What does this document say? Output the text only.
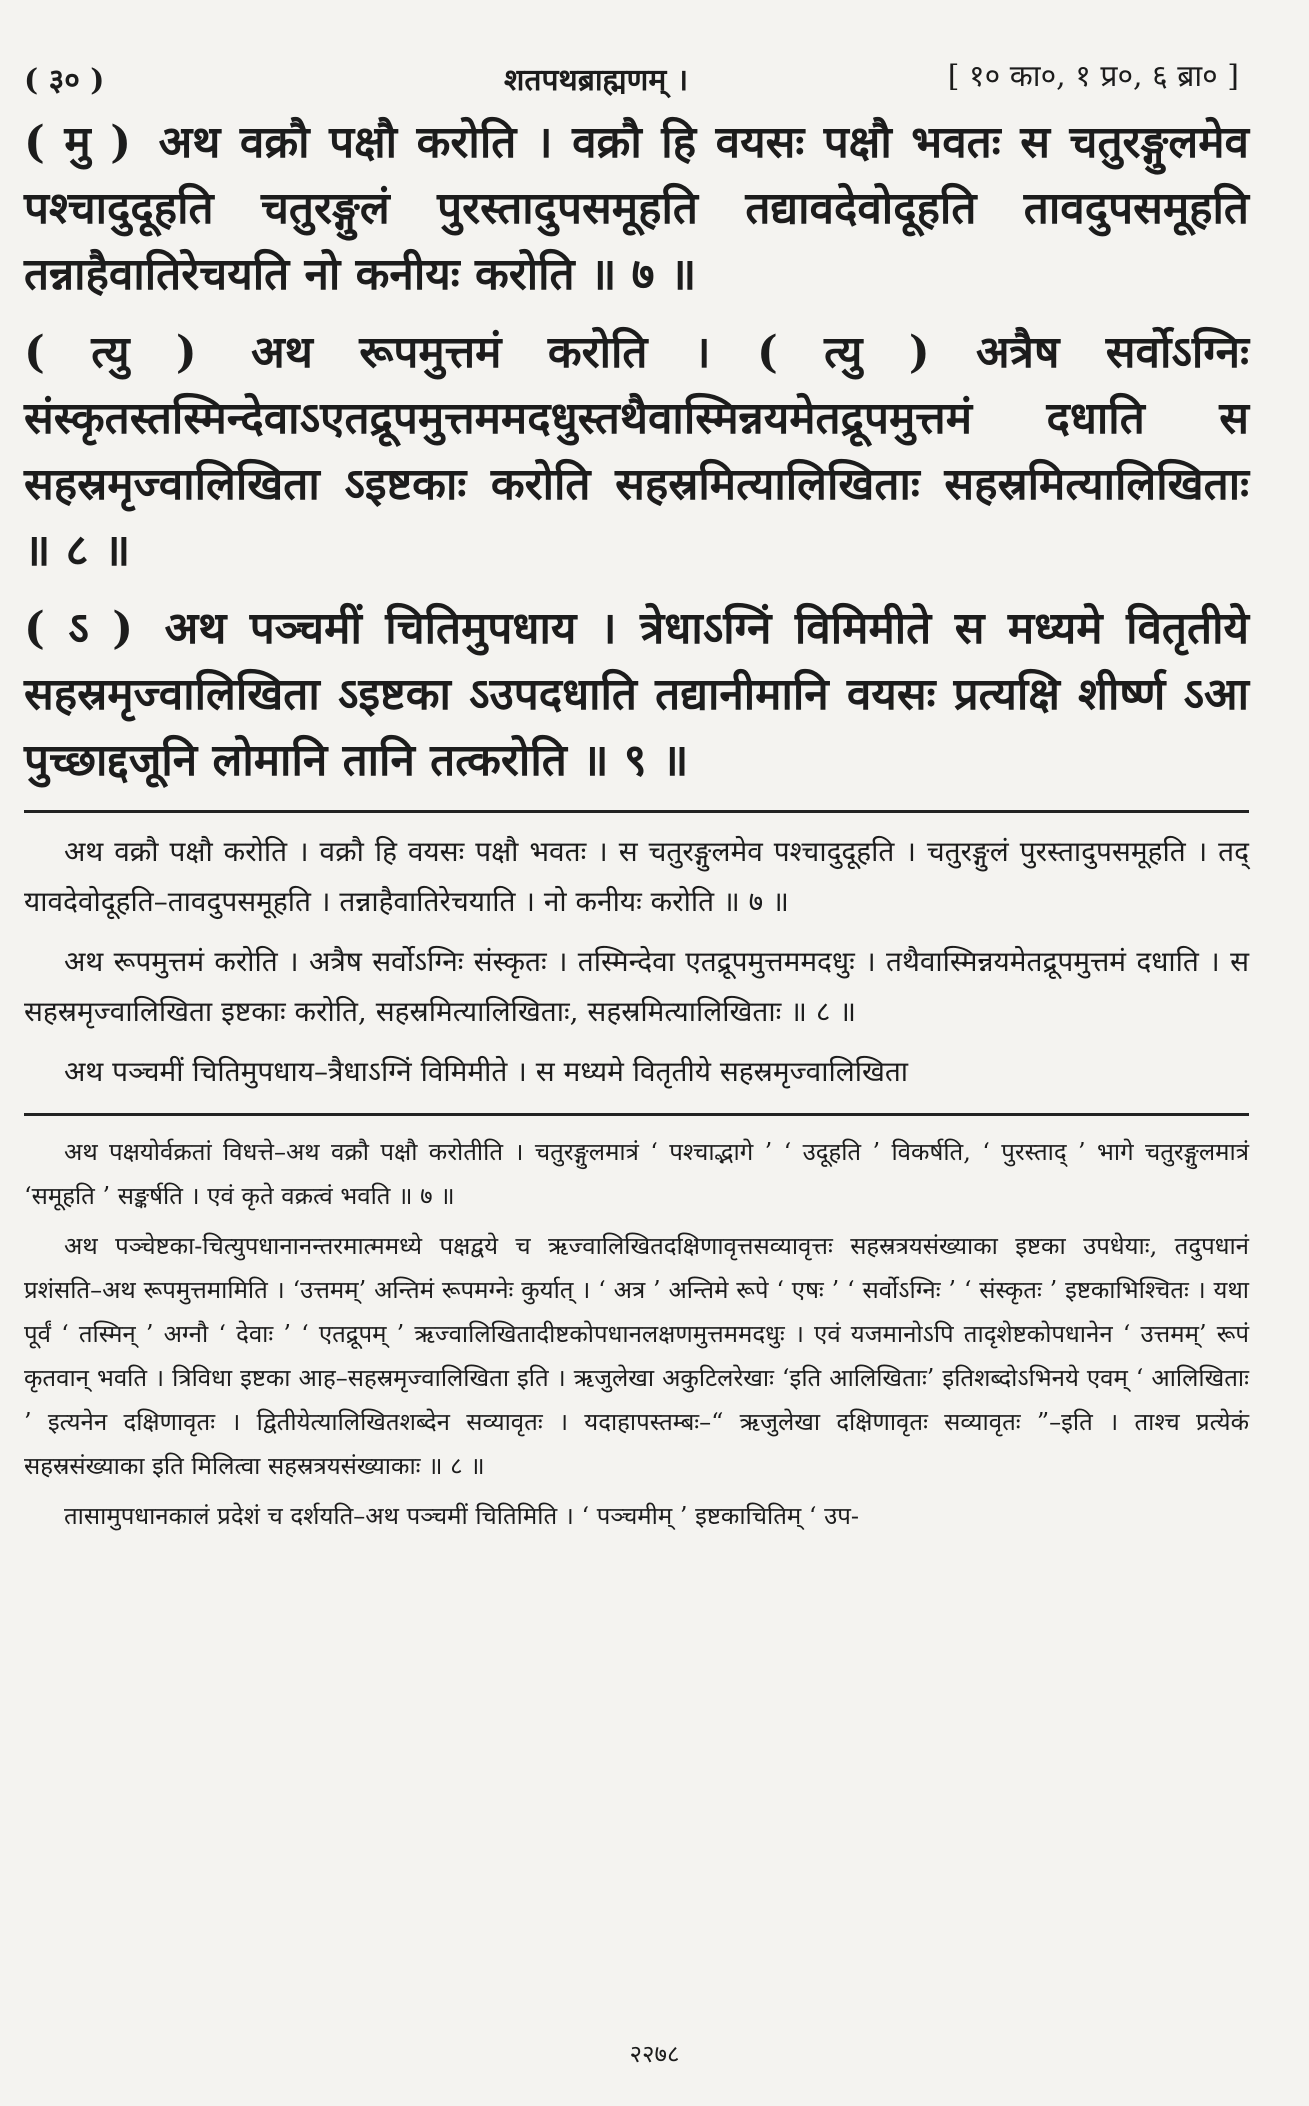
( ३० )	शतपथब्राह्मणम् ।	[ १० का०, १ प्र०, ६ ब्रा० ]

( मु ) अथ वक्रौ पक्षौ करोति । वक्रौ हि वयसः पक्षौ भवतः स चतुरङ्गुलमेव पश्चादुदूहति चतुरङ्गुलं पुरस्तादुपसमूहति तद्यावदेवोदूहति तावदुपसमूहति तन्नाहैवातिरेचयति नो कनीयः करोति ॥ ७ ॥

( त्यु ) अथ रूपमुत्तमं करोति । ( त्यु ) अत्रैष सर्वोऽग्निः संस्कृतस्तस्मिन्देवाऽएतद्रूपमुत्तममदधुस्तथैवास्मिन्नयमेतद्रूपमुत्तमं दधाति स सहस्रमृज्वालिखिता ऽइष्टकाः करोति सहस्रमित्यालिखिताः सहस्रमित्यालिखिताः ॥ ८ ॥

( ऽ ) अथ पञ्चमीं चितिमुपधाय । त्रेधाऽग्निं विमिमीते स मध्यमे वितृतीये सहस्रमृज्वालिखिता ऽइष्टका ऽउपदधाति तद्यानीमानि वयसः प्रत्यक्षि शीर्ष्ण ऽआ पुच्छाद्दजूनि लोमानि तानि तत्करोति ॥ ९ ॥

अथ वक्रौ पक्षौ करोति । वक्रौ हि वयसः पक्षौ भवतः । स चतुरङ्गुलमेव पश्चादुदूहति । चतुरङ्गुलं पुरस्तादुपसमूहति । तद् यावदेवोदूहति–तावदुपसमूहति । तन्नाहैवातिरेचयाति । नो कनीयः करोति ॥ ७ ॥

अथ रूपमुत्तमं करोति । अत्रैष सर्वोऽग्निः संस्कृतः । तस्मिन्देवा एतद्रूपमुत्तममदधुः । तथैवास्मिन्नयमेतद्रूपमुत्तमं दधाति । स सहस्रमृज्वालिखिता इष्टकाः करोति, सहस्रमित्यालिखिताः, सहस्रमित्यालिखिताः ॥ ८ ॥

अथ पञ्चमीं चितिमुपधाय–त्रैधाऽग्निं विमिमीते । स मध्यमे वितृतीये सहस्रमृज्वालिखिता

अथ पक्षयोर्वक्रतां विधत्ते–अथ वक्रौ पक्षौ करोतीति । चतुरङ्गुलमात्रं ‘ पश्चाद्भागे ’ ‘ उदूहति ’ विकर्षति, ‘ पुरस्ताद् ’ भागे चतुरङ्गुलमात्रं ‘समूहति ’ सङ्कर्षति । एवं कृते वक्रत्वं भवति ॥ ७ ॥

अथ पञ्चेष्टका-चित्युपधानानन्तरमात्ममध्ये पक्षद्वये च ऋज्वालिखितदक्षिणावृत्तसव्यावृत्तः सहस्रत्रयसंख्याका इष्टका उपधेयाः, तदुपधानं प्रशंसति–अथ रूपमुत्तमामिति । ‘उत्तमम्’ अन्तिमं रूपमग्नेः कुर्यात् । ‘ अत्र ’ अन्तिमे रूपे ‘ एषः ’ ‘ सर्वोऽग्निः ’ ‘ संस्कृतः ’ इष्टकाभिश्चितः । यथा पूर्वं ‘ तस्मिन् ’ अग्नौ ‘ देवाः ’ ‘ एतद्रूपम् ’ ऋज्वालिखितादीष्टकोपधानलक्षणमुत्तममदधुः । एवं यजमानोऽपि तादृशेष्टकोपधानेन ‘ उत्तमम्’ रूपं कृतवान् भवति । त्रिविधा इष्टका आह–सहस्रमृज्वालिखिता इति । ऋजुलेखा अकुटिलरेखाः ‘इति आलिखिताः’ इतिशब्दोऽभिनये एवम् ‘ आलिखिताः ’ इत्यनेन दक्षिणावृतः । द्वितीयेत्यालिखितशब्देन सव्यावृतः । यदाहापस्तम्बः–“ ऋजुलेखा दक्षिणावृतः सव्यावृतः ”–इति । ताश्च प्रत्येकं सहस्रसंख्याका इति मिलित्वा सहस्रत्रयसंख्याकाः ॥ ८ ॥

तासामुपधानकालं प्रदेशं च दर्शयति–अथ पञ्चमीं चितिमिति । ‘ पञ्चमीम् ’ इष्टकाचितिम् ‘ उप-

२२७८
